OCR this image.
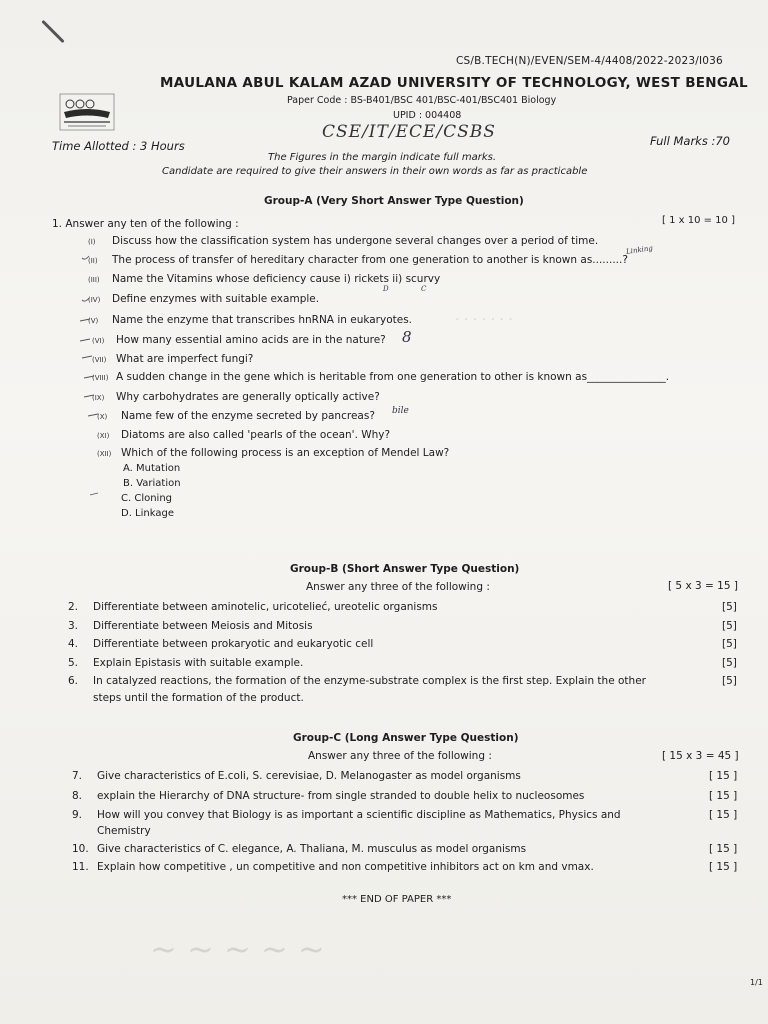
CS/B.TECH(N)/EVEN/SEM-4/4408/2022-2023/I036
MAULANA ABUL KALAM AZAD UNIVERSITY OF TECHNOLOGY, WEST BENGAL
Paper Code : BS-B401/BSC 401/BSC-401/BSC401 Biology
UPID : 004408
CSE/IT/ECE/CSBS
Time Allotted : 3 Hours	Full Marks :70
The Figures in the margin indicate full marks.
Candidate are required to give their answers in their own words as far as practicable
Group-A (Very Short Answer Type Question)
1. Answer any ten of the following :	[ 1 x 10 = 10 ]
(I) Discuss how the classification system has undergone several changes over a period of time.
(II) The process of transfer of hereditary character from one generation to another is known as.........?
(III) Name the Vitamins whose deficiency cause i) rickets ii) scurvy
(IV) Define enzymes with suitable example.
(V) Name the enzyme that transcribes hnRNA in eukaryotes.
(VI) How many essential amino acids are in the nature?
(VII) What are imperfect fungi?
(VIII) A sudden change in the gene which is heritable from one generation to other is known as_______________.
(IX) Why carbohydrates are generally optically active?
(X) Name few of the enzyme secreted by pancreas?
(XI) Diatoms are also called 'pearls of the ocean'. Why?
(XII) Which of the following process is an exception of Mendel Law?
A. Mutation
B. Variation
C. Cloning
D. Linkage
Linking
D	C
8
bile
· · · · · · ·
~ ~ ~ ~ ~
Group-B (Short Answer Type Question)
Answer any three of the following :	[ 5 x 3 = 15 ]
2. Differentiate between aminotelic, uricoteliеć, ureotelic organisms	[5]
3. Differentiate between Meiosis and Mitosis	[5]
4. Differentiate between prokaryotic and eukaryotic cell	[5]
5. Explain Epistasis with suitable example.	[5]
6. In catalyzed reactions, the formation of the enzyme-substrate complex is the first step. Explain the other
steps until the formation of the product.
[5]
Group-C (Long Answer Type Question)
Answer any three of the following :	[ 15 x 3 = 45 ]
7. Give characteristics of E.coli, S. cerevisiae, D. Melanogaster as model organisms	[ 15 ]
8. explain the Hierarchy of DNA structure- from single stranded to double helix to nucleosomes	[ 15 ]
9. How will you convey that Biology is as important a scientific discipline as Mathematics, Physics and
Chemistry
[ 15 ]
10. Give characteristics of C. elegance, A. Thaliana, M. musculus as model organisms	[ 15 ]
11. Explain how competitive , un competitive and non competitive inhibitors act on km and vmax.	[ 15 ]
*** END OF PAPER ***
1/1
